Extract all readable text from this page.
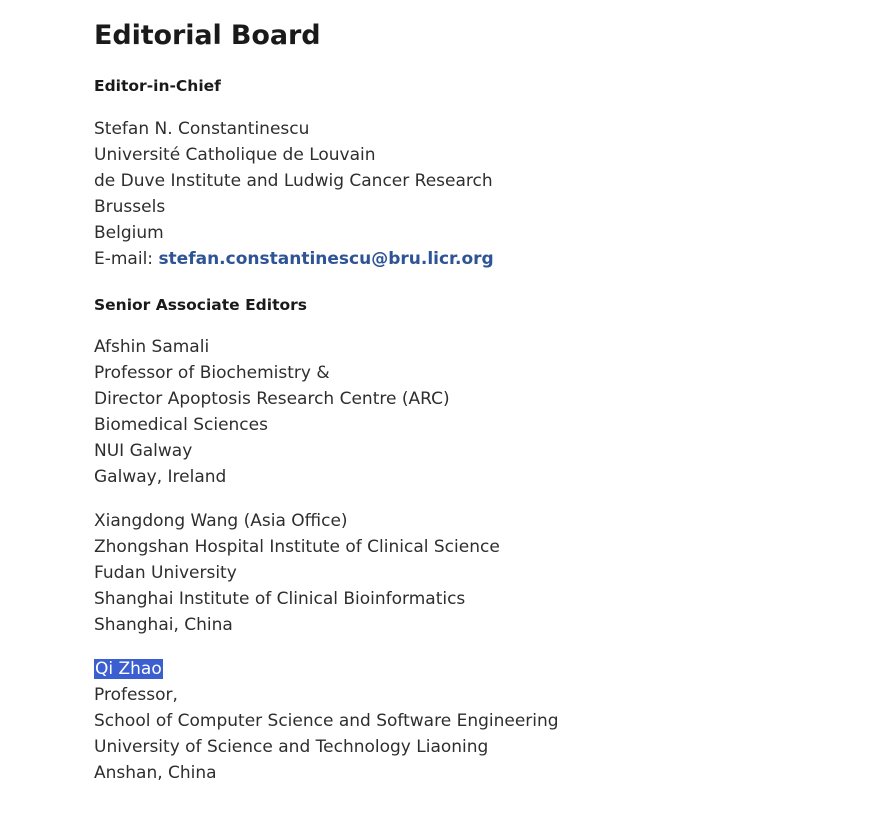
Editorial Board
Editor-in-Chief

Stefan N. Constantinescu
Université Catholique de Louvain
de Duve Institute and Ludwig Cancer Research
Brussels
Belgium
E-mail: stefan.constantinescu@bru.licr.org

Senior Associate Editors

Afshin Samali
Professor of Biochemistry &
Director Apoptosis Research Centre (ARC)
Biomedical Sciences
NUI Galway
Galway, Ireland

Xiangdong Wang (Asia Office)
Zhongshan Hospital Institute of Clinical Science
Fudan University
Shanghai Institute of Clinical Bioinformatics
Shanghai, China

Qi Zhao
Professor,
School of Computer Science and Software Engineering
University of Science and Technology Liaoning
Anshan, China
